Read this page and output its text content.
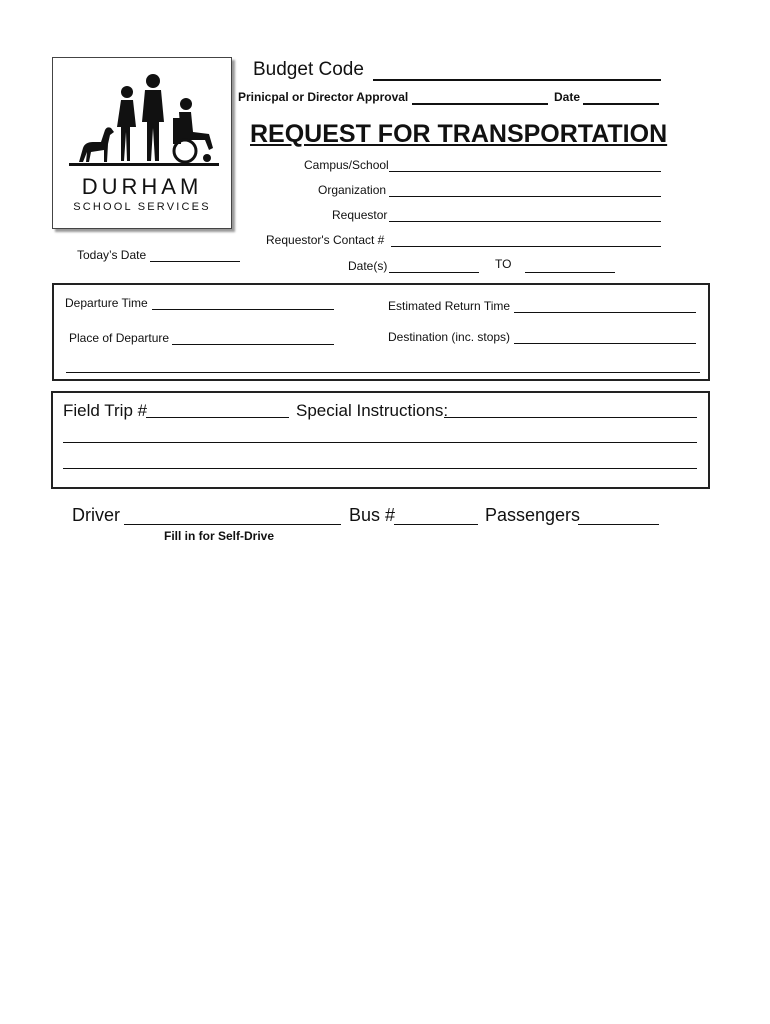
DURHAM
SCHOOL SERVICES
Budget Code
Prinicpal or Director Approval	Date
REQUEST FOR TRANSPORTATION
Campus/School
Organization
Requestor
Requestor's Contact #
Today’s Date
Date(s)	TO
Departure Time	Estimated Return Time
Place of Departure	Destination (inc. stops)
Field Trip #	Special Instructions:
Driver	Bus #	Passengers
Fill in for Self-Drive
